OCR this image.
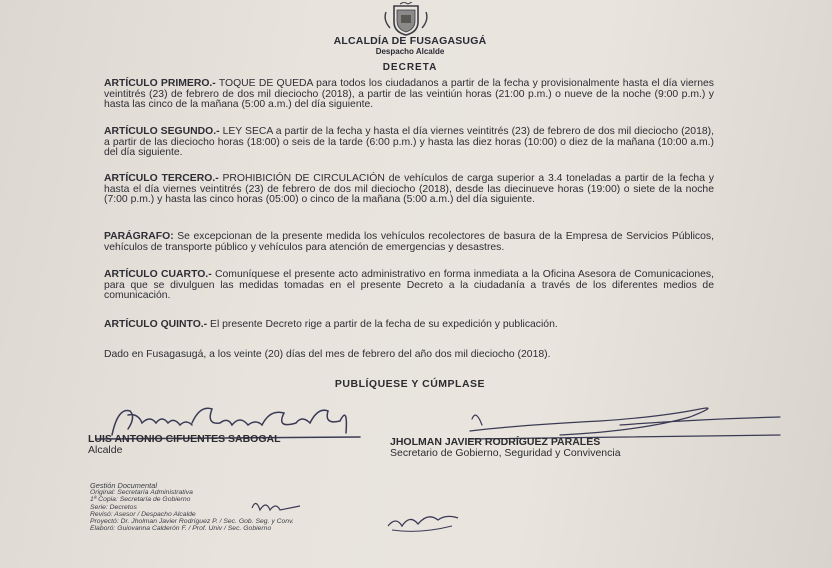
ALCALDÍA DE FUSAGASUGÁ
Despacho Alcalde
DECRETA
ARTÍCULO PRIMERO.- TOQUE DE QUEDA para todos los ciudadanos a partir de la fecha y provisionalmente hasta el día viernes veintitrés (23) de febrero de dos mil dieciocho (2018), a partir de las veintiún horas (21:00 p.m.) o nueve de la noche (9:00 p.m.) y hasta las cinco de la mañana (5:00 a.m.) del día siguiente.
ARTÍCULO SEGUNDO.- LEY SECA a partir de la fecha y hasta el día viernes veintitrés (23) de febrero de dos mil dieciocho (2018), a partir de las dieciocho horas (18:00) o seis de la tarde (6:00 p.m.) y hasta las diez horas (10:00) o diez de la mañana (10:00 a.m.) del día siguiente.
ARTÍCULO TERCERO.- PROHIBICIÓN DE CIRCULACIÓN de vehículos de carga superior a 3.4 toneladas a partir de la fecha y hasta el día viernes veintitrés (23) de febrero de dos mil dieciocho (2018), desde las diecinueve horas (19:00) o siete de la noche (7:00 p.m.) y hasta las cinco horas (05:00) o cinco de la mañana (5:00 a.m.) del día siguiente.
PARÁGRAFO: Se excepcionan de la presente medida los vehículos recolectores de basura de la Empresa de Servicios Públicos, vehículos de transporte público y vehículos para atención de emergencias y desastres.
ARTÍCULO CUARTO.- Comuníquese el presente acto administrativo en forma inmediata a la Oficina Asesora de Comunicaciones, para que se divulguen las medidas tomadas en el presente Decreto a la ciudadanía a través de los diferentes medios de comunicación.
ARTÍCULO QUINTO.- El presente Decreto rige a partir de la fecha de su expedición y publicación.
Dado en Fusagasugá, a los veinte (20) días del mes de febrero del año dos mil dieciocho (2018).
PUBLÍQUESE Y CÚMPLASE
LUIS ANTONIO CIFUENTES SABOGAL
Alcalde
JHOLMAN JAVIER RODRÍGUEZ PARALES
Secretario de Gobierno, Seguridad y Convivencia
Gestión Documental
Original: Secretaría Administrativa
1ª Copia: Secretaría de Gobierno
Serie: Decretos
Revisó: Asesor / Despacho Alcalde
Proyectó: Dr. Jholman Javier Rodríguez P. / Sec. Gob. Seg. y Conv.
Elaboró: Guiovanna Calderón F. / Prof. Univ / Sec. Gobierno
